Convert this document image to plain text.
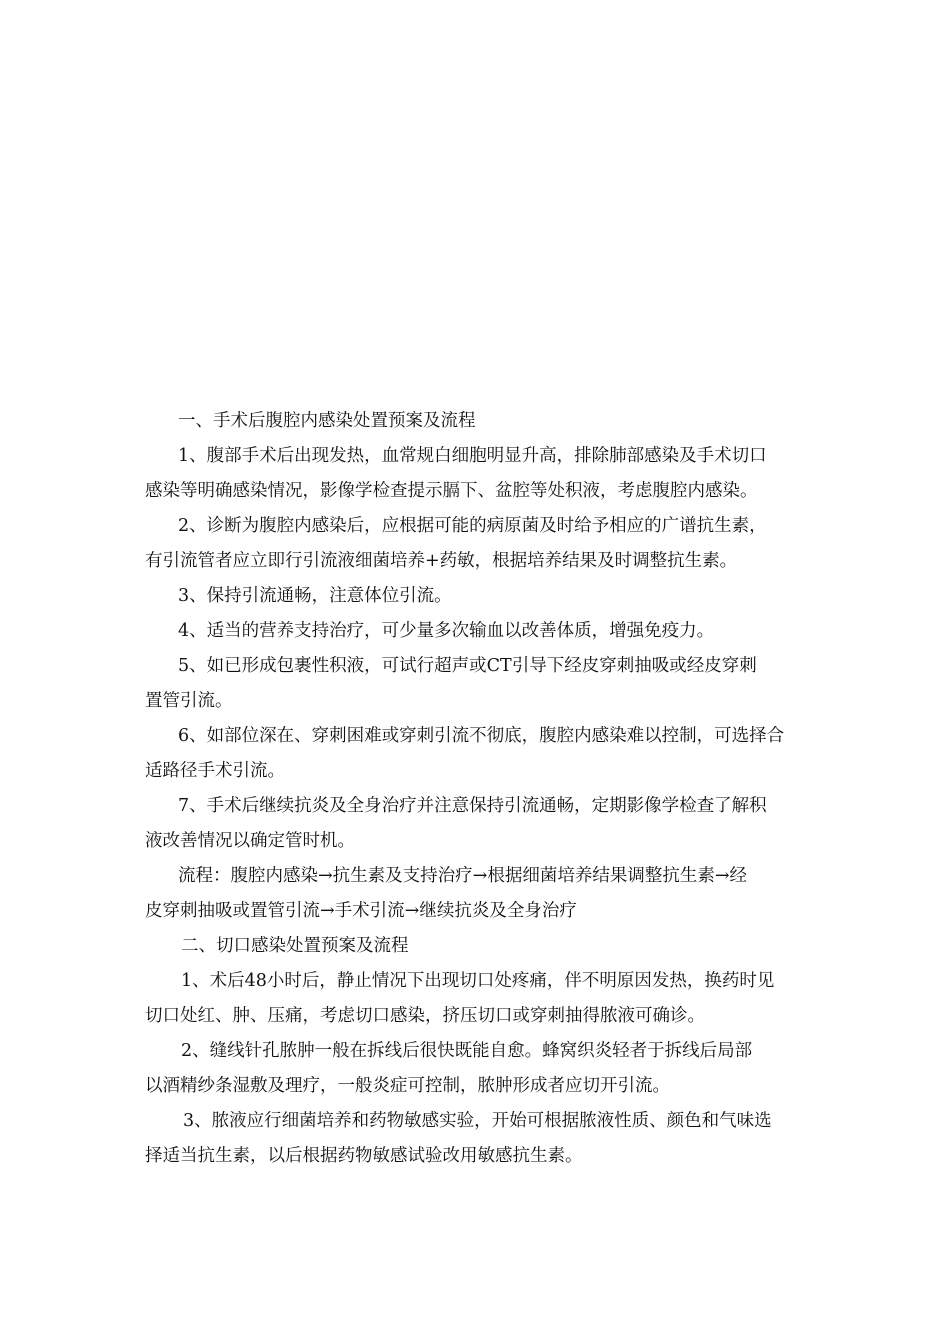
一、手术后腹腔内感染处置预案及流程
1、腹部手术后出现发热，血常规白细胞明显升高，排除肺部感染及手术切口
感染等明确感染情况，影像学检查提示膈下、盆腔等处积液，考虑腹腔内感染。
2、诊断为腹腔内感染后，应根据可能的病原菌及时给予相应的广谱抗生素，
有引流管者应立即行引流液细菌培养+药敏，根据培养结果及时调整抗生素。
3、保持引流通畅，注意体位引流。
4、适当的营养支持治疗，可少量多次输血以改善体质，增强免疫力。
5、如已形成包裹性积液，可试行超声或CT引导下经皮穿刺抽吸或经皮穿刺
置管引流。
6、如部位深在、穿刺困难或穿刺引流不彻底，腹腔内感染难以控制，可选择合
适路径手术引流。
7、手术后继续抗炎及全身治疗并注意保持引流通畅，定期影像学检查了解积
液改善情况以确定管时机。
流程：腹腔内感染→抗生素及支持治疗→根据细菌培养结果调整抗生素→经
皮穿刺抽吸或置管引流→手术引流→继续抗炎及全身治疗
二、切口感染处置预案及流程
1、术后48小时后，静止情况下出现切口处疼痛，伴不明原因发热，换药时见
切口处红、肿、压痛，考虑切口感染，挤压切口或穿刺抽得脓液可确诊。
2、缝线针孔脓肿一般在拆线后很快既能自愈。蜂窝织炎轻者于拆线后局部
以酒精纱条湿敷及理疗，一般炎症可控制，脓肿形成者应切开引流。
3、脓液应行细菌培养和药物敏感实验，开始可根据脓液性质、颜色和气味选
择适当抗生素，以后根据药物敏感试验改用敏感抗生素。
